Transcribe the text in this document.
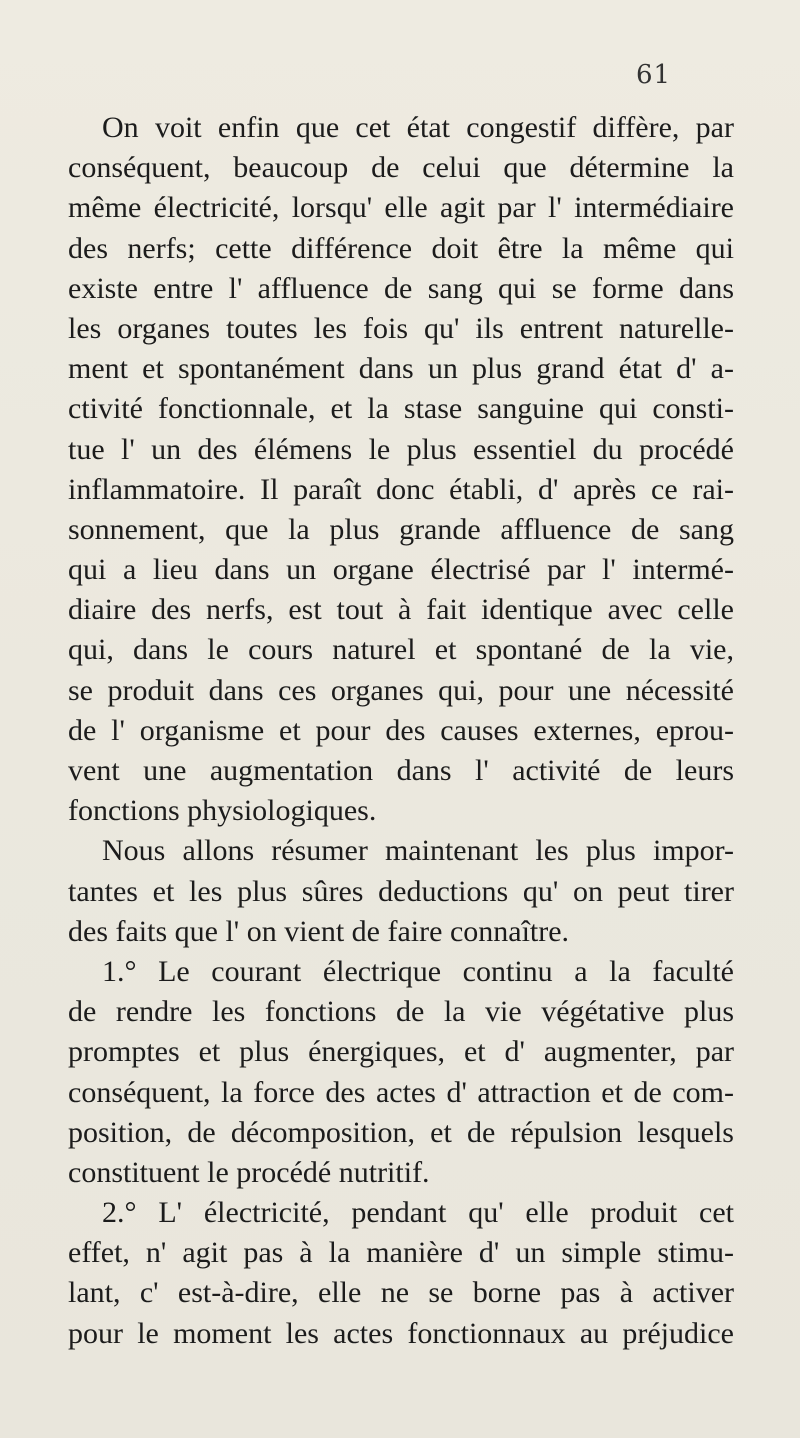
61
On voit enfin que cet état congestif diffère, par
conséquent, beaucoup de celui que détermine la
même électricité, lorsqu' elle agit par l' intermédiaire
des nerfs; cette différence doit être la même qui
existe entre l' affluence de sang qui se forme dans
les organes toutes les fois qu' ils entrent naturelle-
ment et spontanément dans un plus grand état d' a-
ctivité fonctionnale, et la stase sanguine qui consti-
tue l' un des élémens le plus essentiel du procédé
inflammatoire. Il paraît donc établi, d' après ce rai-
sonnement, que la plus grande affluence de sang
qui a lieu dans un organe électrisé par l' intermé-
diaire des nerfs, est tout à fait identique avec celle
qui, dans le cours naturel et spontané de la vie,
se produit dans ces organes qui, pour une nécessité
de l' organisme et pour des causes externes, eprou-
vent une augmentation dans l' activité de leurs
fonctions physiologiques.
Nous allons résumer maintenant les plus impor-
tantes et les plus sûres deductions qu' on peut tirer
des faits que l' on vient de faire connaître.
1.° Le courant électrique continu a la faculté
de rendre les fonctions de la vie végétative plus
promptes et plus énergiques, et d' augmenter, par
conséquent, la force des actes d' attraction et de com-
position, de décomposition, et de répulsion lesquels
constituent le procédé nutritif.
2.° L' électricité, pendant qu' elle produit cet
effet, n' agit pas à la manière d' un simple stimu-
lant, c' est-à-dire, elle ne se borne pas à activer
pour le moment les actes fonctionnaux au préjudice
